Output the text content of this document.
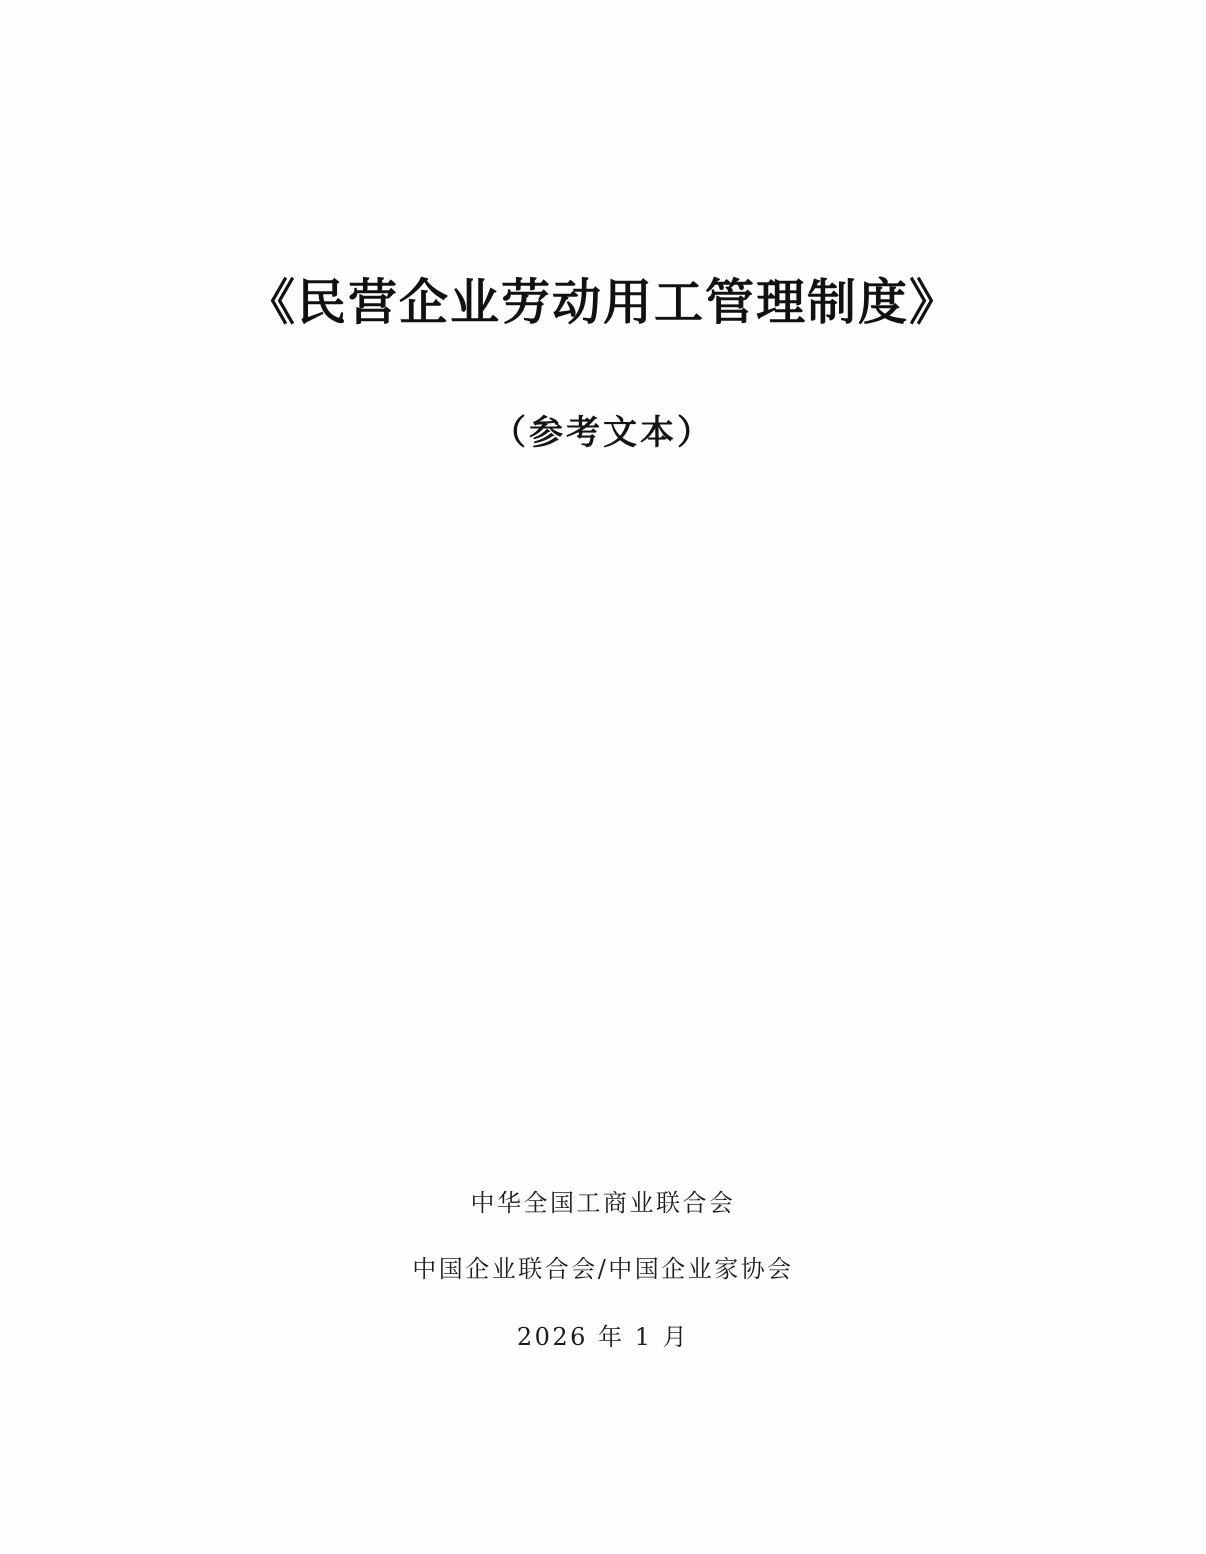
《民营企业劳动用工管理制度》
（参考文本）

中华全国工商业联合会

中国企业联合会/中国企业家协会

2026 年 1 月
